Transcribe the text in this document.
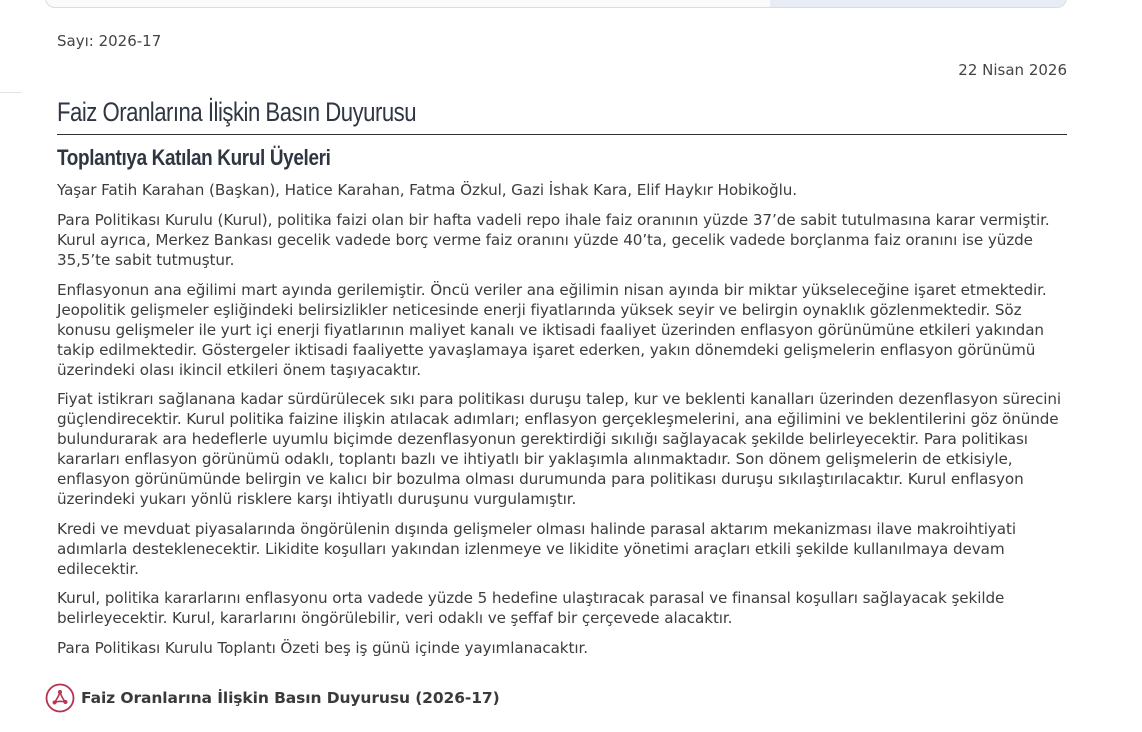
Sayı: 2026-17
22 Nisan 2026
Faiz Oranlarına İlişkin Basın Duyurusu
Toplantıya Katılan Kurul Üyeleri

Yaşar Fatih Karahan (Başkan), Hatice Karahan, Fatma Özkul, Gazi İshak Kara, Elif Haykır Hobikoğlu.

Para Politikası Kurulu (Kurul), politika faizi olan bir hafta vadeli repo ihale faiz oranının yüzde 37’de sabit tutulmasına karar vermiştir. Kurul ayrıca, Merkez Bankası gecelik vadede borç verme faiz oranını yüzde 40’ta, gecelik vadede borçlanma faiz oranını ise yüzde 35,5’te sabit tutmuştur.

Enflasyonun ana eğilimi mart ayında gerilemiştir. Öncü veriler ana eğilimin nisan ayında bir miktar yükseleceğine işaret etmektedir. Jeopolitik gelişmeler eşliğindeki belirsizlikler neticesinde enerji fiyatlarında yüksek seyir ve belirgin oynaklık gözlenmektedir. Söz konusu gelişmeler ile yurt içi enerji fiyatlarının maliyet kanalı ve iktisadi faaliyet üzerinden enflasyon görünümüne etkileri yakından takip edilmektedir. Göstergeler iktisadi faaliyette yavaşlamaya işaret ederken, yakın dönemdeki gelişmelerin enflasyon görünümü üzerindeki olası ikincil etkileri önem taşıyacaktır.

Fiyat istikrarı sağlanana kadar sürdürülecek sıkı para politikası duruşu talep, kur ve beklenti kanalları üzerinden dezenflasyon sürecini güçlendirecektir. Kurul politika faizine ilişkin atılacak adımları; enflasyon gerçekleşmelerini, ana eğilimini ve beklentilerini göz önünde bulundurarak ara hedeflerle uyumlu biçimde dezenflasyonun gerektirdiği sıkılığı sağlayacak şekilde belirleyecektir. Para politikası kararları enflasyon görünümü odaklı, toplantı bazlı ve ihtiyatlı bir yaklaşımla alınmaktadır. Son dönem gelişmelerin de etkisiyle, enflasyon görünümünde belirgin ve kalıcı bir bozulma olması durumunda para politikası duruşu sıkılaştırılacaktır. Kurul enflasyon üzerindeki yukarı yönlü risklere karşı ihtiyatlı duruşunu vurgulamıştır.

Kredi ve mevduat piyasalarında öngörülenin dışında gelişmeler olması halinde parasal aktarım mekanizması ilave makroihtiyati adımlarla desteklenecektir. Likidite koşulları yakından izlenmeye ve likidite yönetimi araçları etkili şekilde kullanılmaya devam edilecektir.

Kurul, politika kararlarını enflasyonu orta vadede yüzde 5 hedefine ulaştıracak parasal ve finansal koşulları sağlayacak şekilde belirleyecektir. Kurul, kararlarını öngörülebilir, veri odaklı ve şeffaf bir çerçevede alacaktır.

Para Politikası Kurulu Toplantı Özeti beş iş günü içinde yayımlanacaktır.

Faiz Oranlarına İlişkin Basın Duyurusu (2026-17)
